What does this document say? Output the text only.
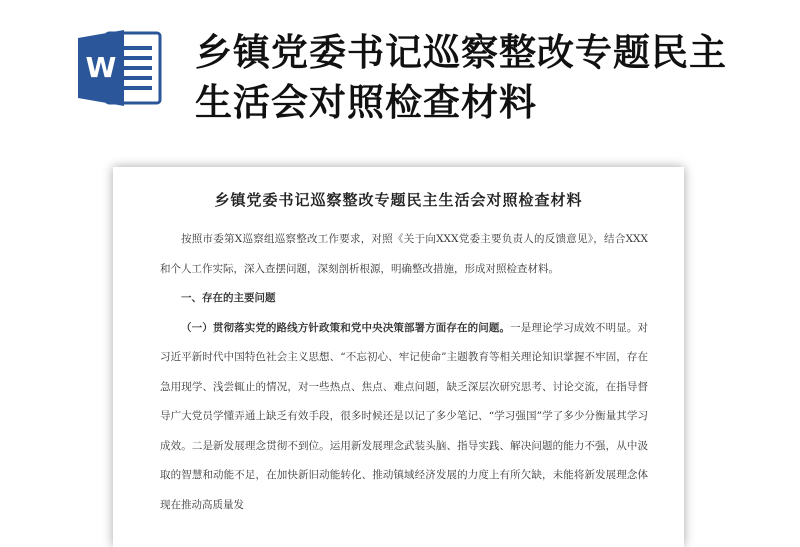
W 乡镇党委书记巡察整改专题民主生活会对照检查材料
乡镇党委书记巡察整改专题民主生活会对照检查材料

按照市委第X巡察组巡察整改工作要求，对照《关于向XXX党委主要负责人的反馈意见》，结合XXX和个人工作实际，深入查摆问题，深刻剖析根源，明确整改措施，形成对照检查材料。

一、存在的主要问题

（一）贯彻落实党的路线方针政策和党中央决策部署方面存在的问题。一是理论学习成效不明显。对习近平新时代中国特色社会主义思想、“不忘初心、牢记使命”主题教育等相关理论知识掌握不牢固，存在急用现学、浅尝辄止的情况，对一些热点、焦点、难点问题，缺乏深层次研究思考、讨论交流，在指导督导广大党员学懂弄通上缺乏有效手段，很多时候还是以记了多少笔记、“学习强国”学了多少分衡量其学习成效。二是新发展理念贯彻不到位。运用新发展理念武装头脑、指导实践、解决问题的能力不强，从中汲取的智慧和动能不足，在加快新旧动能转化、推动镇域经济发展的力度上有所欠缺，未能将新发展理念体现在推动高质量发
